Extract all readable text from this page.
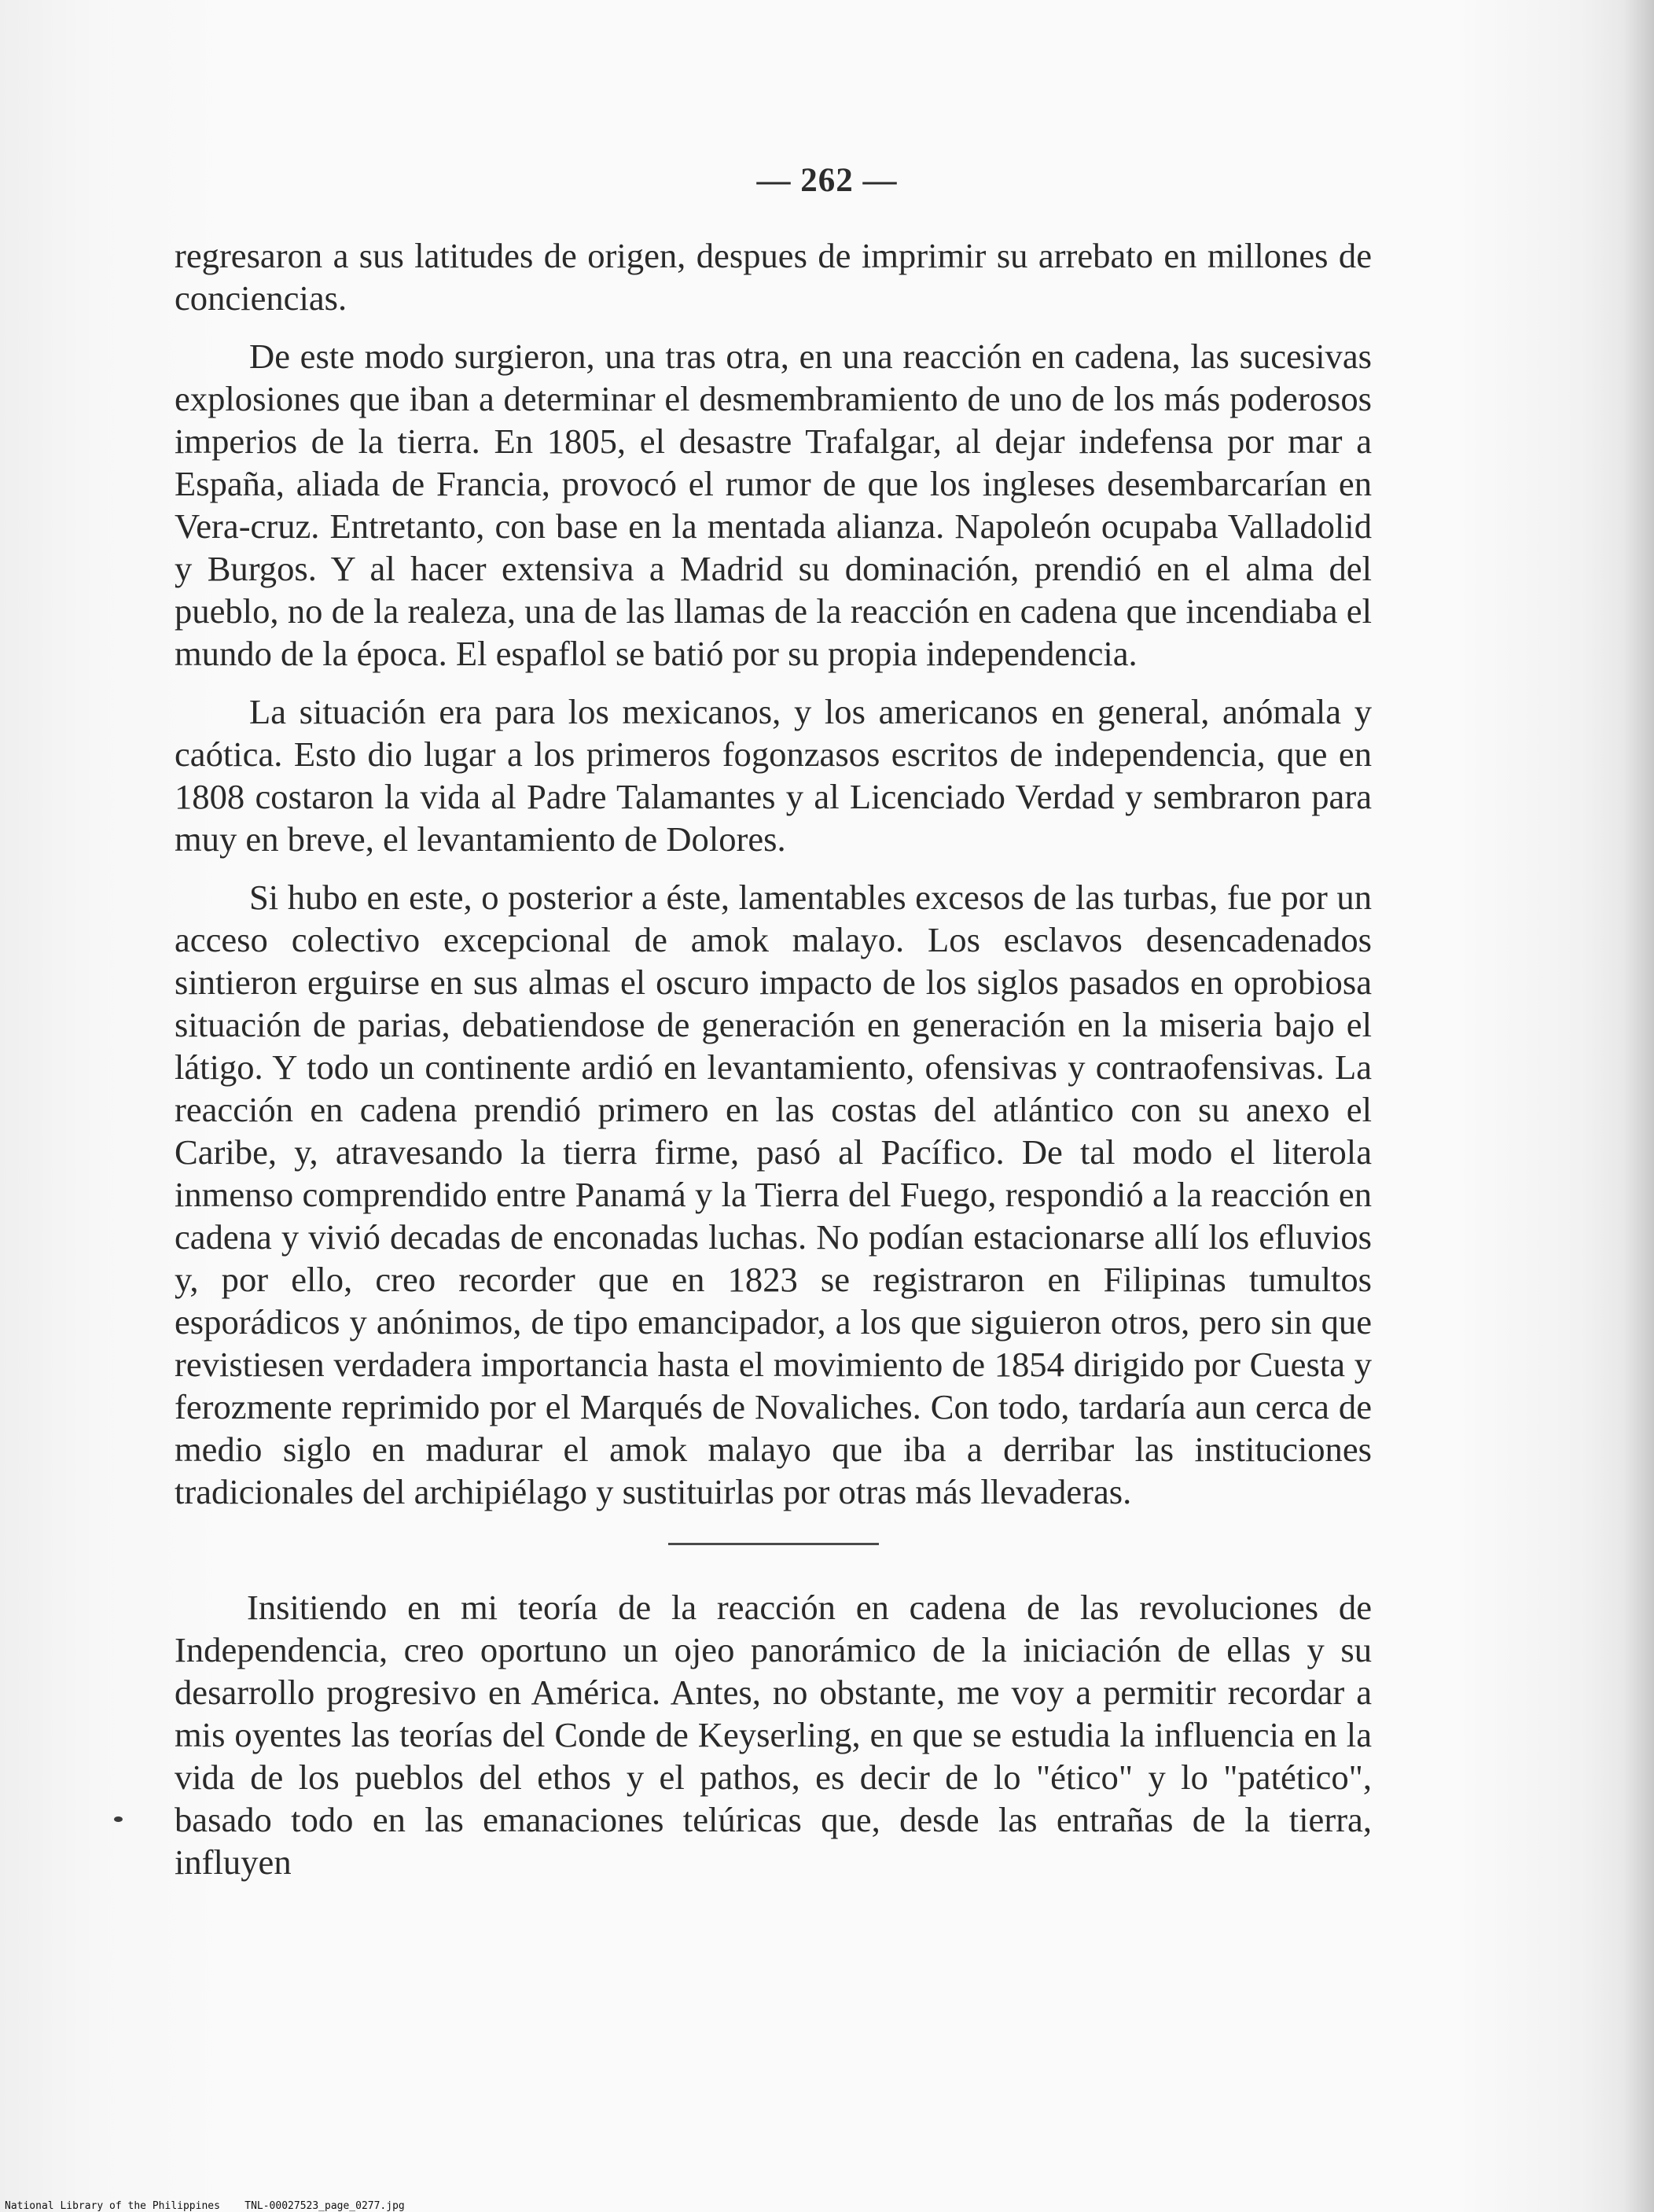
— 262 —

regresaron a sus latitudes de origen, despues de imprimir su arrebato en millones de conciencias.

De este modo surgieron, una tras otra, en una reacción en cadena, las sucesivas explosiones que iban a determinar el desmembramiento de uno de los más poderosos imperios de la tierra. En 1805, el desastre Trafalgar, al dejar indefensa por mar a España, aliada de Francia, provocó el rumor de que los ingleses desembarcarían en Vera-cruz. Entretanto, con base en la mentada alianza. Napoleón ocupaba Valladolid y Burgos. Y al hacer extensiva a Madrid su dominación, prendió en el alma del pueblo, no de la realeza, una de las llamas de la reacción en cadena que incendiaba el mundo de la época. El espaflol se batió por su propia independencia.

La situación era para los mexicanos, y los americanos en general, anómala y caótica. Esto dio lugar a los primeros fogonzasos escritos de independencia, que en 1808 costaron la vida al Padre Talamantes y al Licenciado Verdad y sembraron para muy en breve, el levantamiento de Dolores.

Si hubo en este, o posterior a éste, lamentables excesos de las turbas, fue por un acceso colectivo excepcional de amok malayo. Los esclavos desencadenados sintieron erguirse en sus almas el oscuro impacto de los siglos pasados en oprobiosa situación de parias, debatiendose de generación en generación en la miseria bajo el látigo. Y todo un continente ardió en levantamiento, ofensivas y contraofensivas. La reacción en cadena prendió primero en las costas del atlántico con su anexo el Caribe, y, atravesando la tierra firme, pasó al Pacífico. De tal modo el literola inmenso comprendido entre Panamá y la Tierra del Fuego, respondió a la reacción en cadena y vivió decadas de enconadas luchas. No podían estacionarse allí los efluvios y, por ello, creo recorder que en 1823 se registraron en Filipinas tumultos esporádicos y anónimos, de tipo emancipador, a los que siguieron otros, pero sin que revistiesen verdadera importancia hasta el movimiento de 1854 dirigido por Cuesta y ferozmente reprimido por el Marqués de Novaliches. Con todo, tardaría aun cerca de medio siglo en madurar el amok malayo que iba a derribar las instituciones tradicionales del archipiélago y sustituirlas por otras más llevaderas.

Insitiendo en mi teoría de la reacción en cadena de las revoluciones de Independencia, creo oportuno un ojeo panorámico de la iniciación de ellas y su desarrollo progresivo en América. Antes, no obstante, me voy a permitir recordar a mis oyentes las teorías del Conde de Keyserling, en que se estudia la influencia en la vida de los pueblos del ethos y el pathos, es decir de lo "ético" y lo "patético", basado todo en las emanaciones telúricas que, desde las entrañas de la tierra, influyen

National Library of the Philippines TNL-00027523_page_0277.jpg
